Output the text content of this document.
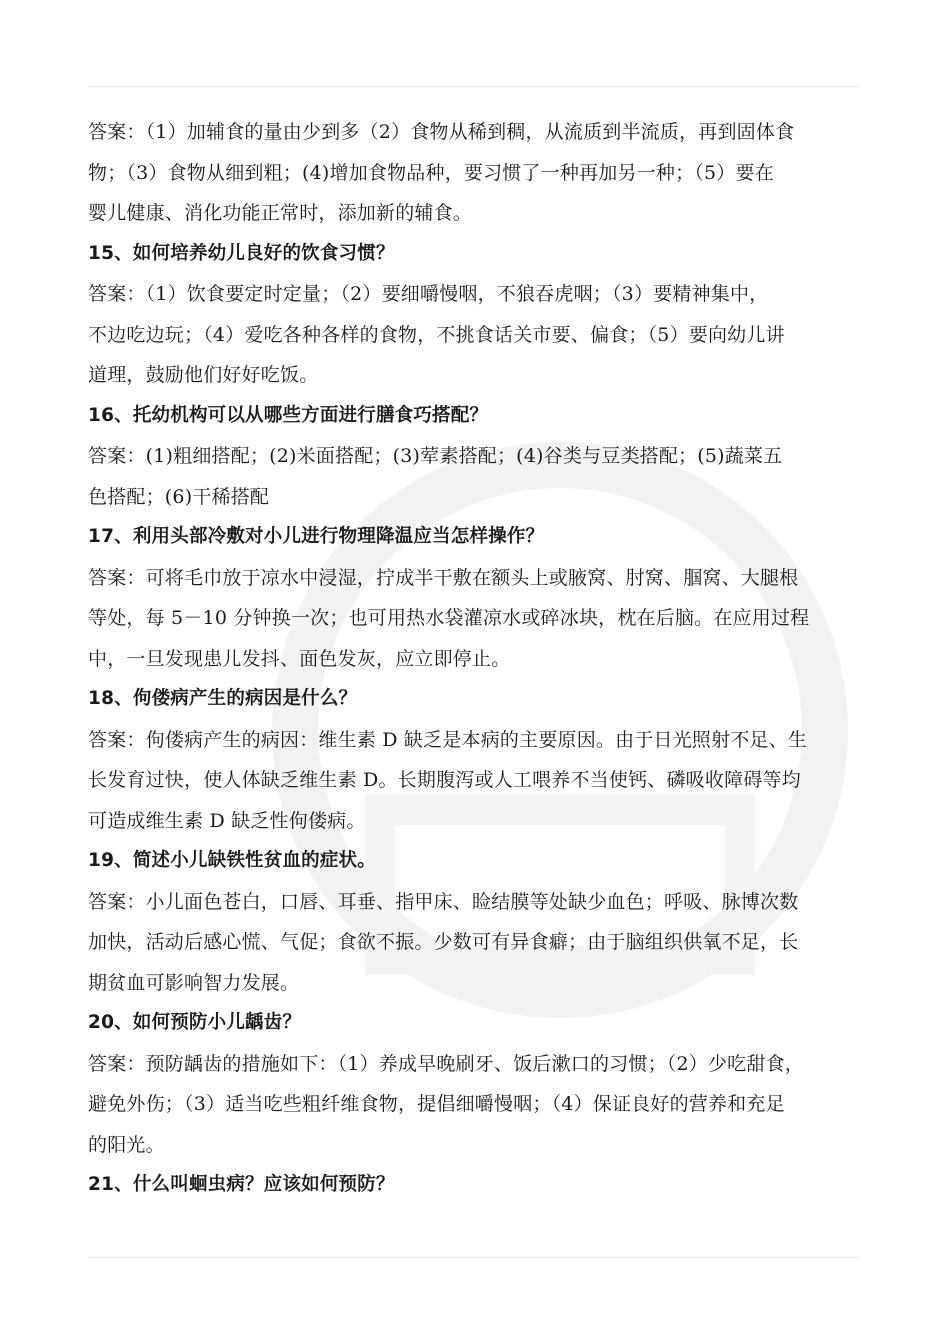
答案：（1）加辅食的量由少到多（2）食物从稀到稠，从流质到半流质，再到固体食
物；（3）食物从细到粗；(4)增加食物品种，要习惯了一种再加另一种；（5）要在
婴儿健康、消化功能正常时，添加新的辅食。

15、如何培养幼儿良好的饮食习惯？

答案：（1）饮食要定时定量；（2）要细嚼慢咽，不狼吞虎咽；（3）要精神集中，
不边吃边玩；（4）爱吃各种各样的食物，不挑食话关市要、偏食；（5）要向幼儿讲
道理，鼓励他们好好吃饭。

16、托幼机构可以从哪些方面进行膳食巧搭配？

答案：(1)粗细搭配；(2)米面搭配；(3)荤素搭配；(4)谷类与豆类搭配；(5)蔬菜五
色搭配；(6)干稀搭配

17、利用头部冷敷对小儿进行物理降温应当怎样操作？

答案：可将毛巾放于凉水中浸湿，拧成半干敷在额头上或腋窝、肘窝、腘窝、大腿根
等处，每 5－10 分钟换一次；也可用热水袋灌凉水或碎冰块，枕在后脑。在应用过程
中，一旦发现患儿发抖、面色发灰，应立即停止。

18、佝偻病产生的病因是什么？

答案：佝偻病产生的病因：维生素 D 缺乏是本病的主要原因。由于日光照射不足、生
长发育过快，使人体缺乏维生素 D。长期腹泻或人工喂养不当使钙、磷吸收障碍等均
可造成维生素 D 缺乏性佝偻病。

19、简述小儿缺铁性贫血的症状。

答案：小儿面色苍白，口唇、耳垂、指甲床、睑结膜等处缺少血色；呼吸、脉博次数
加快，活动后感心慌、气促；食欲不振。少数可有异食癖；由于脑组织供氧不足，长
期贫血可影响智力发展。

20、如何预防小儿龋齿？

答案：预防龋齿的措施如下：（1）养成早晚刷牙、饭后漱口的习惯；（2）少吃甜食，
避免外伤；（3）适当吃些粗纤维食物，提倡细嚼慢咽；（4）保证良好的营养和充足
的阳光。

21、什么叫蛔虫病？应该如何预防？
